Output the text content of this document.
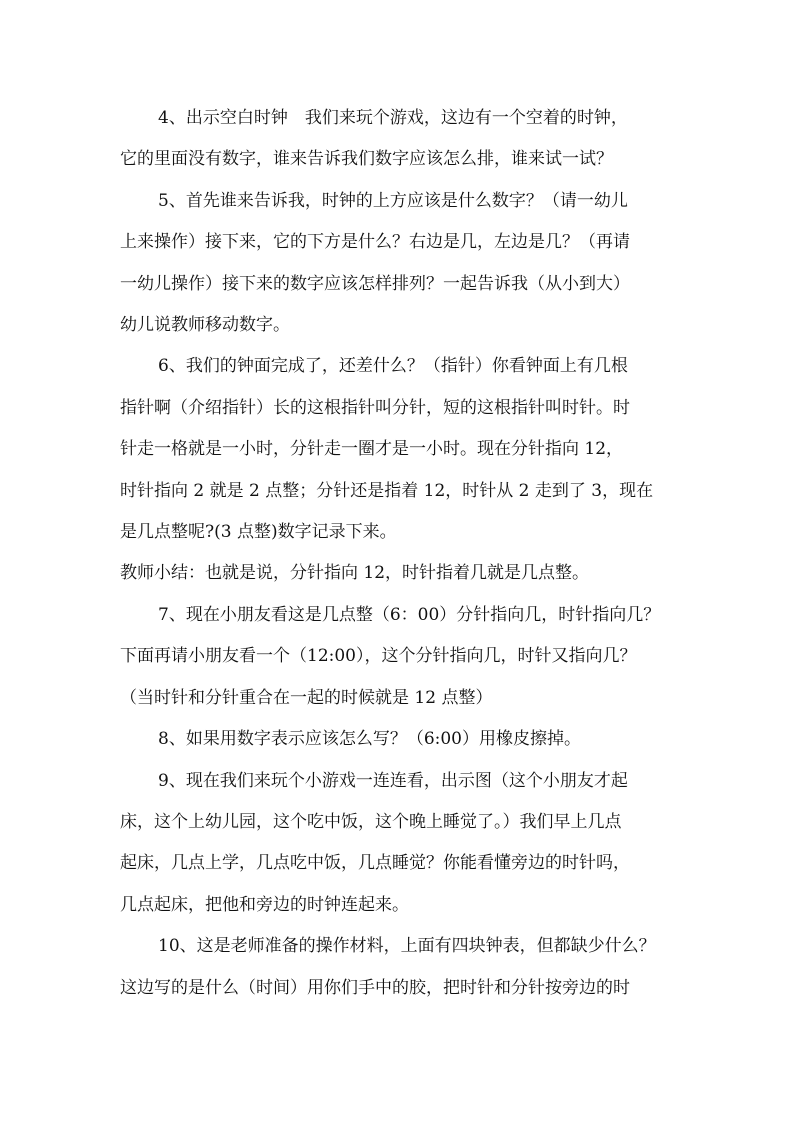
4、出示空白时钟　我们来玩个游戏，这边有一个空着的时钟，
它的里面没有数字，谁来告诉我们数字应该怎么排，谁来试一试？
5、首先谁来告诉我，时钟的上方应该是什么数字？（请一幼儿
上来操作）接下来，它的下方是什么？右边是几，左边是几？（再请
一幼儿操作）接下来的数字应该怎样排列？一起告诉我（从小到大）
幼儿说教师移动数字。
6、我们的钟面完成了，还差什么？（指针）你看钟面上有几根
指针啊（介绍指针）长的这根指针叫分针，短的这根指针叫时针。时
针走一格就是一小时，分针走一圈才是一小时。现在分针指向 12，
时针指向 2 就是 2 点整；分针还是指着 12，时针从 2 走到了 3，现在
是几点整呢?(3 点整)数字记录下来。
教师小结：也就是说，分针指向 12，时针指着几就是几点整。
7、现在小朋友看这是几点整（6：00）分针指向几，时针指向几？
下面再请小朋友看一个（12:00），这个分针指向几，时针又指向几？
（当时针和分针重合在一起的时候就是 12 点整）
8、如果用数字表示应该怎么写？（6:00）用橡皮擦掉。
9、现在我们来玩个小游戏一连连看，出示图（这个小朋友才起
床，这个上幼儿园，这个吃中饭，这个晚上睡觉了。）我们早上几点
起床，几点上学，几点吃中饭，几点睡觉？你能看懂旁边的时针吗，
几点起床，把他和旁边的时钟连起来。
10、这是老师准备的操作材料，上面有四块钟表，但都缺少什么？
这边写的是什么（时间）用你们手中的胶，把时针和分针按旁边的时
